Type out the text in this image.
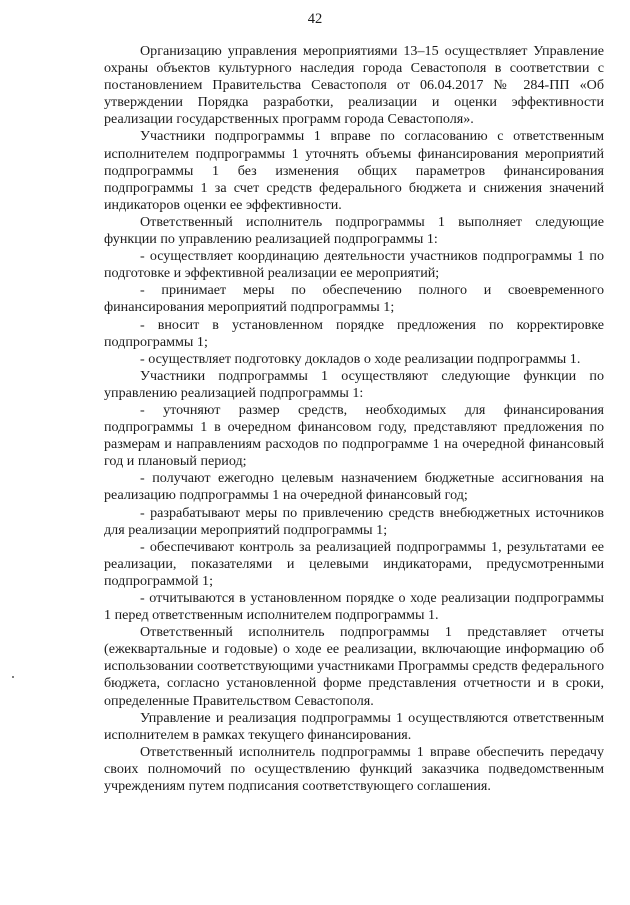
42

Организацию управления мероприятиями 13–15 осуществляет Управление охраны объектов культурного наследия города Севастополя в соответствии с постановлением Правительства Севастополя от 06.04.2017 № 284-ПП «Об утверждении Порядка разработки, реализации и оценки эффективности реализации государственных программ города Севастополя».

Участники подпрограммы 1 вправе по согласованию с ответственным исполнителем подпрограммы 1 уточнять объемы финансирования мероприятий подпрограммы 1 без изменения общих параметров финансирования подпрограммы 1 за счет средств федерального бюджета и снижения значений индикаторов оценки ее эффективности.

Ответственный исполнитель подпрограммы 1 выполняет следующие функции по управлению реализацией подпрограммы 1:

- осуществляет координацию деятельности участников подпрограммы 1 по подготовке и эффективной реализации ее мероприятий;

- принимает меры по обеспечению полного и своевременного финансирования мероприятий подпрограммы 1;

- вносит в установленном порядке предложения по корректировке подпрограммы 1;

- осуществляет подготовку докладов о ходе реализации подпрограммы 1.

Участники подпрограммы 1 осуществляют следующие функции по управлению реализацией подпрограммы 1:

- уточняют размер средств, необходимых для финансирования подпрограммы 1 в очередном финансовом году, представляют предложения по размерам и направлениям расходов по подпрограмме 1 на очередной финансовый год и плановый период;

- получают ежегодно целевым назначением бюджетные ассигнования на реализацию подпрограммы 1 на очередной финансовый год;

- разрабатывают меры по привлечению средств внебюджетных источников для реализации мероприятий подпрограммы 1;

- обеспечивают контроль за реализацией подпрограммы 1, результатами ее реализации, показателями и целевыми индикаторами, предусмотренными подпрограммой 1;

- отчитываются в установленном порядке о ходе реализации подпрограммы 1 перед ответственным исполнителем подпрограммы 1.

Ответственный исполнитель подпрограммы 1 представляет отчеты (ежеквартальные и годовые) о ходе ее реализации, включающие информацию об использовании соответствующими участниками Программы средств федерального бюджета, согласно установленной форме представления отчетности и в сроки, определенные Правительством Севастополя.

Управление и реализация подпрограммы 1 осуществляются ответственным исполнителем в рамках текущего финансирования.

Ответственный исполнитель подпрограммы 1 вправе обеспечить передачу своих полномочий по осуществлению функций заказчика подведомственным учреждениям путем подписания соответствующего соглашения.
